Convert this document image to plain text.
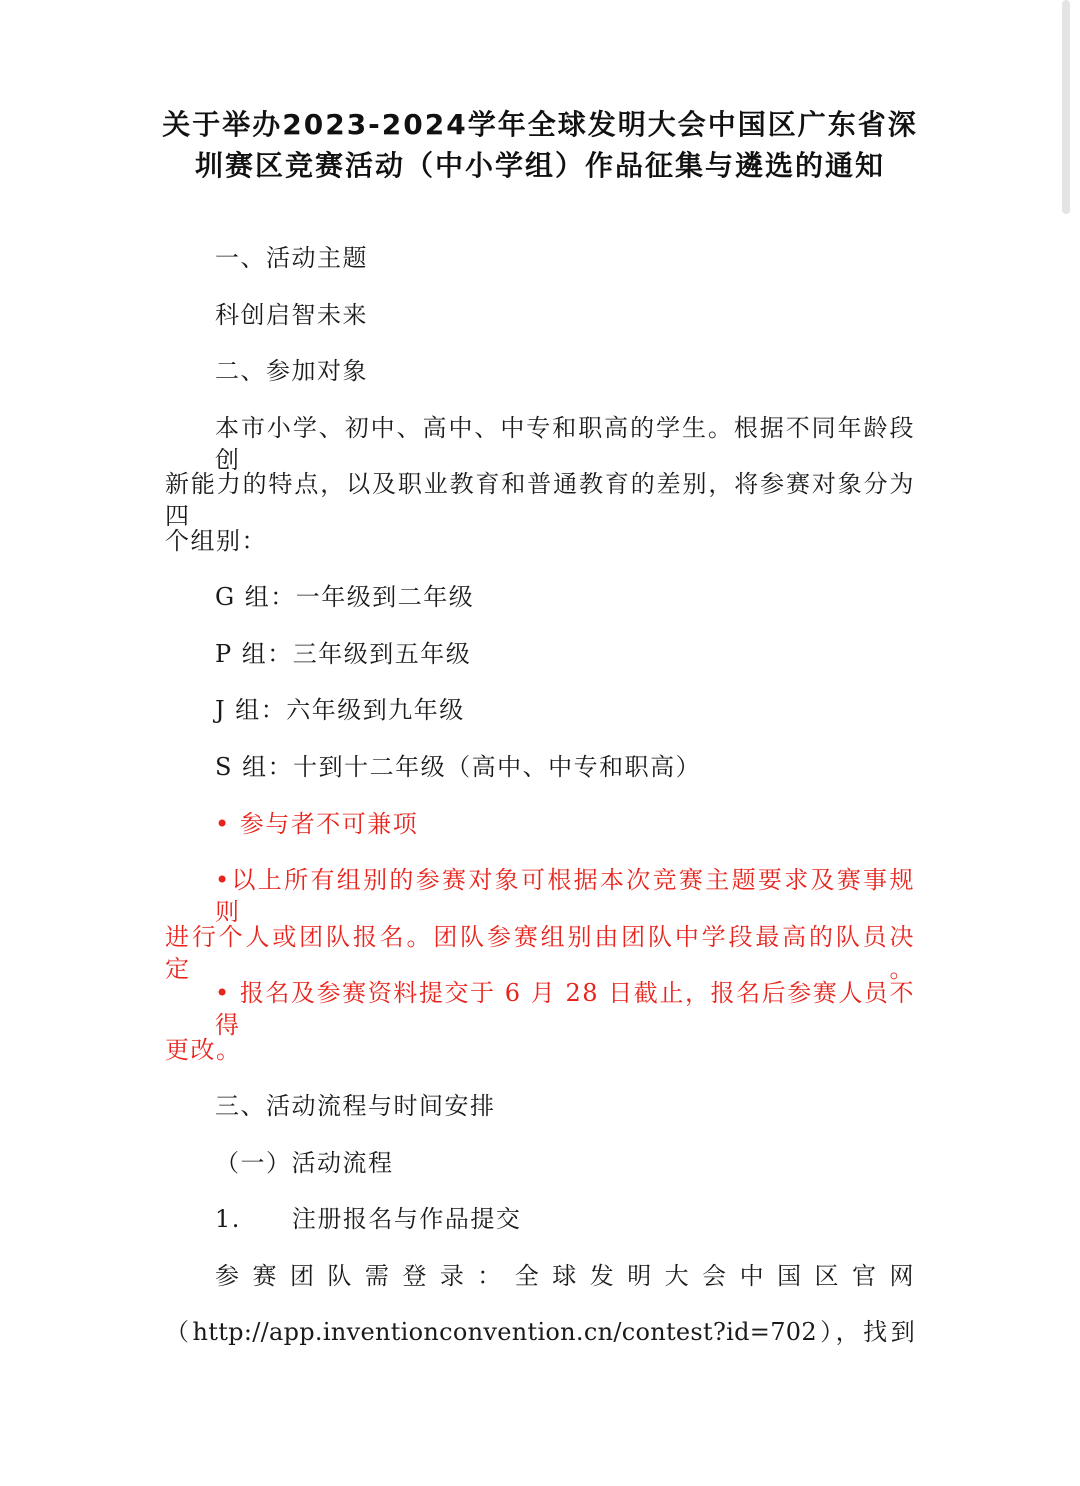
关于举办2023-2024学年全球发明大会中国区广东省深圳赛区竞赛活动（中小学组）作品征集与遴选的通知
一、活动主题
科创启智未来
二、参加对象
本市小学、初中、高中、中专和职高的学生。根据不同年龄段创
新能力的特点，以及职业教育和普通教育的差别，将参赛对象分为四
个组别：
G 组：一年级到二年级
P 组：三年级到五年级
J 组：六年级到九年级
S 组：十到十二年级（高中、中专和职高）
• 参与者不可兼项
•以上所有组别的参赛对象可根据本次竞赛主题要求及赛事规则
进行个人或团队报名。团队参赛组别由团队中学段最高的队员决定。
• 报名及参赛资料提交于 6 月 28 日截止，报名后参赛人员不得
更改。
三、活动流程与时间安排
（一）活动流程
1.　　注册报名与作品提交
参赛团队需登录：全球发明大会中国区官网
（http://app.inventionconvention.cn/contest?id=702），找到
